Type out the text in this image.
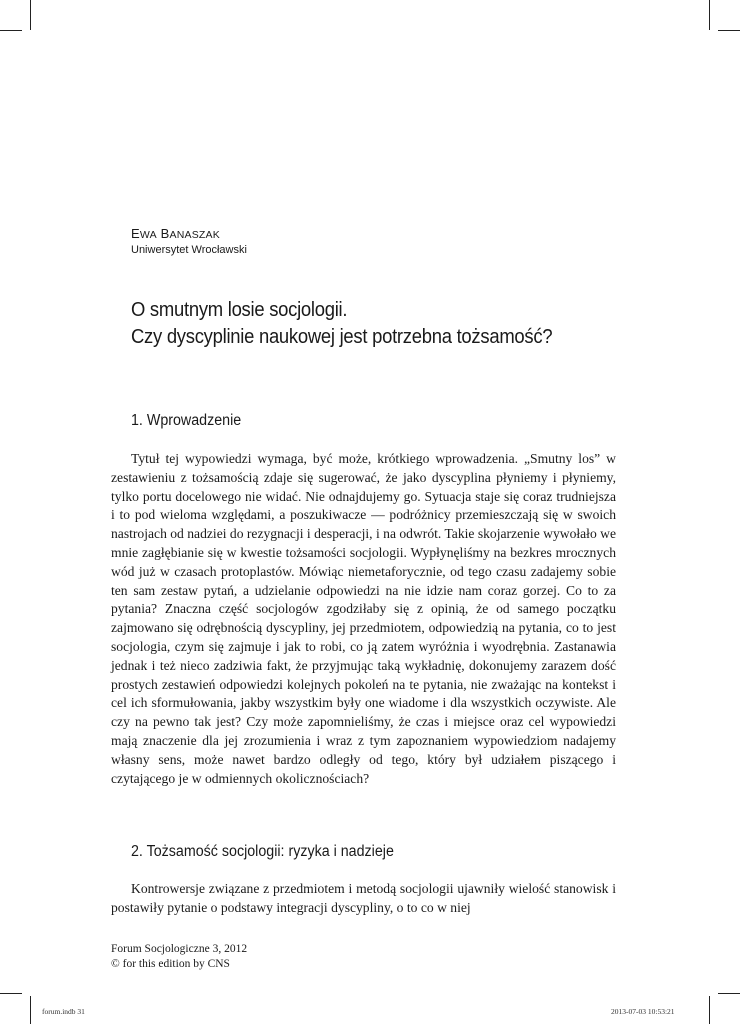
EWA BANASZAK
Uniwersytet Wrocławski
O smutnym losie socjologii.
Czy dyscyplinie naukowej jest potrzebna tożsamość?
1. Wprowadzenie

Tytuł tej wypowiedzi wymaga, być może, krótkiego wprowadzenia. „Smutny los” w zestawieniu z tożsamością zdaje się sugerować, że jako dyscyplina płyniemy i płyniemy, tylko portu docelowego nie widać. Nie odnajdujemy go. Sytuacja staje się coraz trudniejsza i to pod wieloma względami, a poszukiwacze — podróżnicy przemieszczają się w swoich nastrojach od nadziei do rezygnacji i desperacji, i na odwrót. Takie skojarzenie wywołało we mnie zagłębianie się w kwestie tożsamości socjologii. Wypłynęliśmy na bezkres mrocznych wód już w czasach protoplastów. Mówiąc niemetaforycznie, od tego czasu zadajemy sobie ten sam zestaw pytań, a udzielanie odpowiedzi na nie idzie nam coraz gorzej. Co to za pytania? Znaczna część socjologów zgodziłaby się z opinią, że od samego początku zajmowano się odrębnością dyscypliny, jej przedmiotem, odpowiedzią na pytania, co to jest socjologia, czym się zajmuje i jak to robi, co ją zatem wyróżnia i wyodrębnia. Zastanawia jednak i też nieco zadziwia fakt, że przyjmując taką wykładnię, dokonujemy zarazem dość prostych zestawień odpowiedzi kolejnych pokoleń na te pytania, nie zważając na kontekst i cel ich sformułowania, jakby wszystkim były one wiadome i dla wszystkich oczywiste. Ale czy na pewno tak jest? Czy może zapomnieliśmy, że czas i miejsce oraz cel wypowiedzi mają znaczenie dla jej zrozumienia i wraz z tym zapoznaniem wypowiedziom nadajemy własny sens, może nawet bardzo odległy od tego, który był udziałem piszącego i czytającego je w odmiennych okolicznościach?

2. Tożsamość socjologii: ryzyka i nadzieje

Kontrowersje związane z przedmiotem i metodą socjologii ujawniły wielość stanowisk i postawiły pytanie o podstawy integracji dyscypliny, o to co w niej

Forum Socjologiczne 3, 2012
© for this edition by CNS
forum.indb 31	2013-07-03 10:53:21
